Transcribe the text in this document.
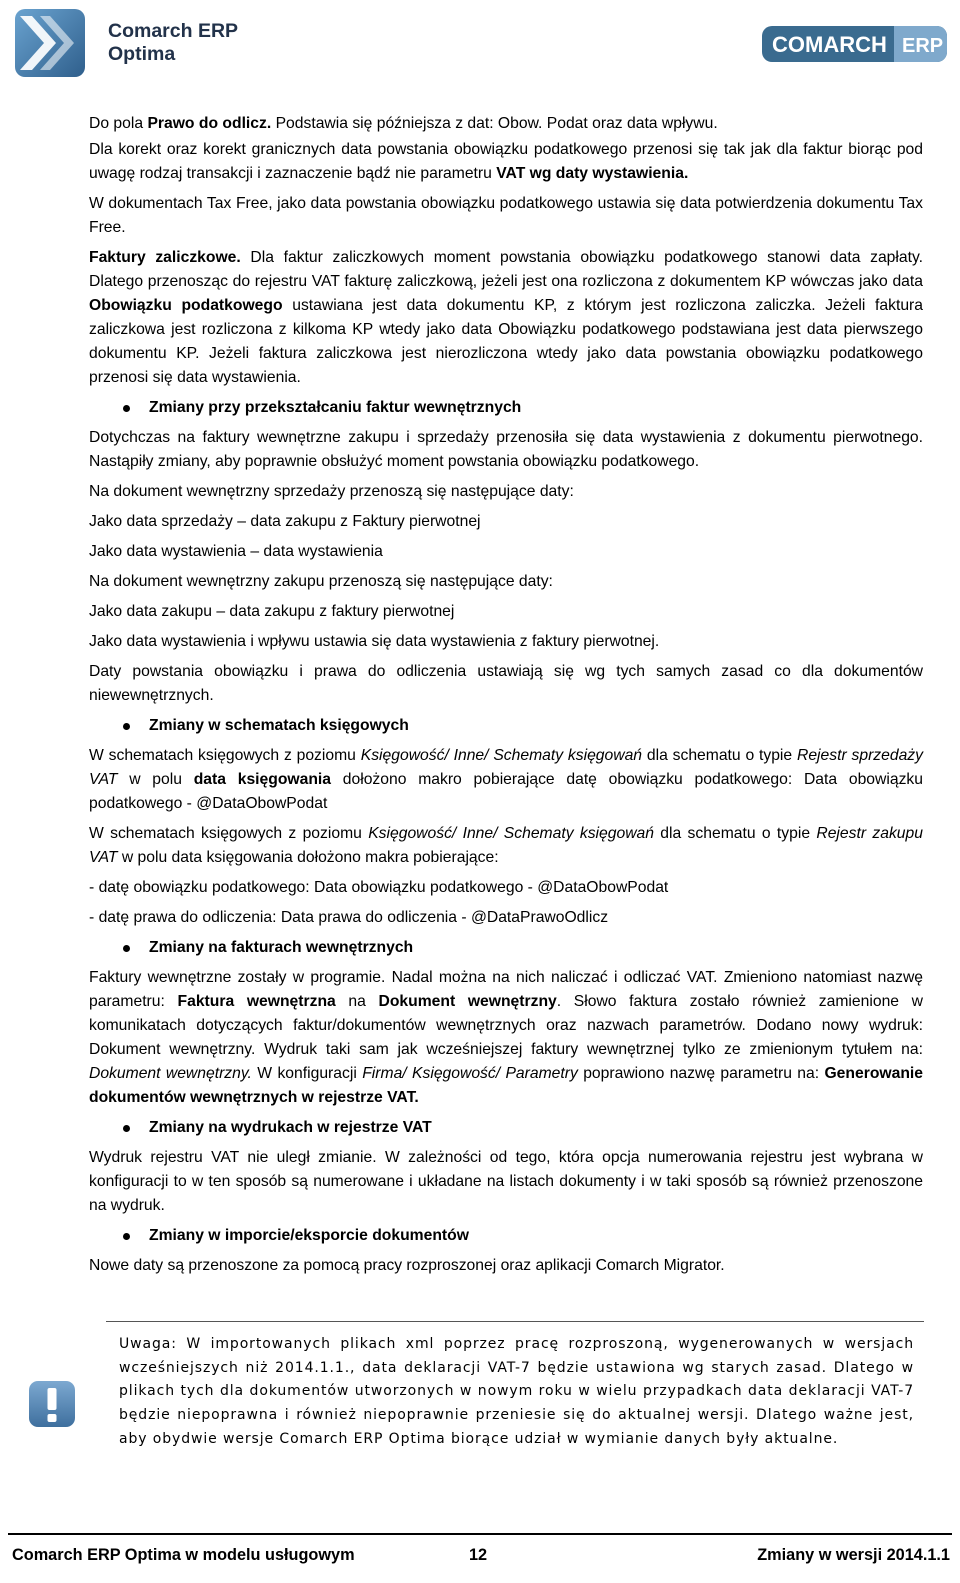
Comarch ERP
Optima	COMARCH ERP

Do pola Prawo do odlicz. Podstawia się późniejsza z dat: Obow. Podat oraz data wpływu.

Dla korekt oraz korekt granicznych data powstania obowiązku podatkowego przenosi się tak jak dla faktur biorąc pod uwagę rodzaj transakcji i zaznaczenie bądź nie parametru VAT wg daty wystawienia.

W dokumentach Tax Free, jako data powstania obowiązku podatkowego ustawia się data potwierdzenia dokumentu Tax Free.

Faktury zaliczkowe. Dla faktur zaliczkowych moment powstania obowiązku podatkowego stanowi data zapłaty. Dlatego przenosząc do rejestru VAT fakturę zaliczkową, jeżeli jest ona rozliczona z dokumentem KP wówczas jako data Obowiązku podatkowego ustawiana jest data dokumentu KP, z którym jest rozliczona zaliczka. Jeżeli faktura zaliczkowa jest rozliczona z kilkoma KP wtedy jako data Obowiązku podatkowego podstawiana jest data pierwszego dokumentu KP. Jeżeli faktura zaliczkowa jest nierozliczona wtedy jako data powstania obowiązku podatkowego przenosi się data wystawienia.

Zmiany przy przekształcaniu faktur wewnętrznych

Dotychczas na faktury wewnętrzne zakupu i sprzedaży przenosiła się data wystawienia z dokumentu pierwotnego. Nastąpiły zmiany, aby poprawnie obsłużyć moment powstania obowiązku podatkowego.

Na dokument wewnętrzny sprzedaży przenoszą się następujące daty:

Jako data sprzedaży – data zakupu z Faktury pierwotnej

Jako data wystawienia – data wystawienia

Na dokument wewnętrzny zakupu przenoszą się następujące daty:

Jako data zakupu – data zakupu z faktury pierwotnej

Jako data wystawienia i wpływu ustawia się data wystawienia z faktury pierwotnej.

Daty powstania obowiązku i prawa do odliczenia ustawiają się wg tych samych zasad co dla dokumentów niewewnętrznych.

Zmiany w schematach księgowych

W schematach księgowych z poziomu Księgowość/ Inne/ Schematy księgowań dla schematu o typie Rejestr sprzedaży VAT w polu data księgowania dołożono makro pobierające datę obowiązku podatkowego: Data obowiązku podatkowego - @DataObowPodat

W schematach księgowych z poziomu Księgowość/ Inne/ Schematy księgowań dla schematu o typie Rejestr zakupu VAT w polu data księgowania dołożono makra pobierające:

- datę obowiązku podatkowego: Data obowiązku podatkowego - @DataObowPodat

- datę prawa do odliczenia: Data prawa do odliczenia - @DataPrawoOdlicz

Zmiany na fakturach wewnętrznych

Faktury wewnętrzne zostały w programie. Nadal można na nich naliczać i odliczać VAT. Zmieniono natomiast nazwę parametru: Faktura wewnętrzna na Dokument wewnętrzny. Słowo faktura zostało również zamienione w komunikatach dotyczących faktur/dokumentów wewnętrznych oraz nazwach parametrów. Dodano nowy wydruk: Dokument wewnętrzny. Wydruk taki sam jak wcześniejszej faktury wewnętrznej tylko ze zmienionym tytułem na: Dokument wewnętrzny. W konfiguracji Firma/ Księgowość/ Parametry poprawiono nazwę parametru na: Generowanie dokumentów wewnętrznych w rejestrze VAT.

Zmiany na wydrukach w rejestrze VAT

Wydruk rejestru VAT nie uległ zmianie. W zależności od tego, która opcja numerowania rejestru jest wybrana w konfiguracji to w ten sposób są numerowane i układane na listach dokumenty i w taki sposób są również przenoszone na wydruk.

Zmiany w imporcie/eksporcie dokumentów

Nowe daty są przenoszone za pomocą pracy rozproszonej oraz aplikacji Comarch Migrator.

Uwaga: W importowanych plikach xml poprzez pracę rozproszoną, wygenerowanych w wersjach wcześniejszych niż 2014.1.1., data deklaracji VAT-7 będzie ustawiona wg starych zasad. Dlatego w plikach tych dla dokumentów utworzonych w nowym roku w wielu przypadkach data deklaracji VAT-7 będzie niepoprawna i również niepoprawnie przeniesie się do aktualnej wersji. Dlatego ważne jest, aby obydwie wersje Comarch ERP Optima biorące udział w wymianie danych były aktualne.
Comarch ERP Optima w modelu usługowym	12	Zmiany w wersji 2014.1.1
